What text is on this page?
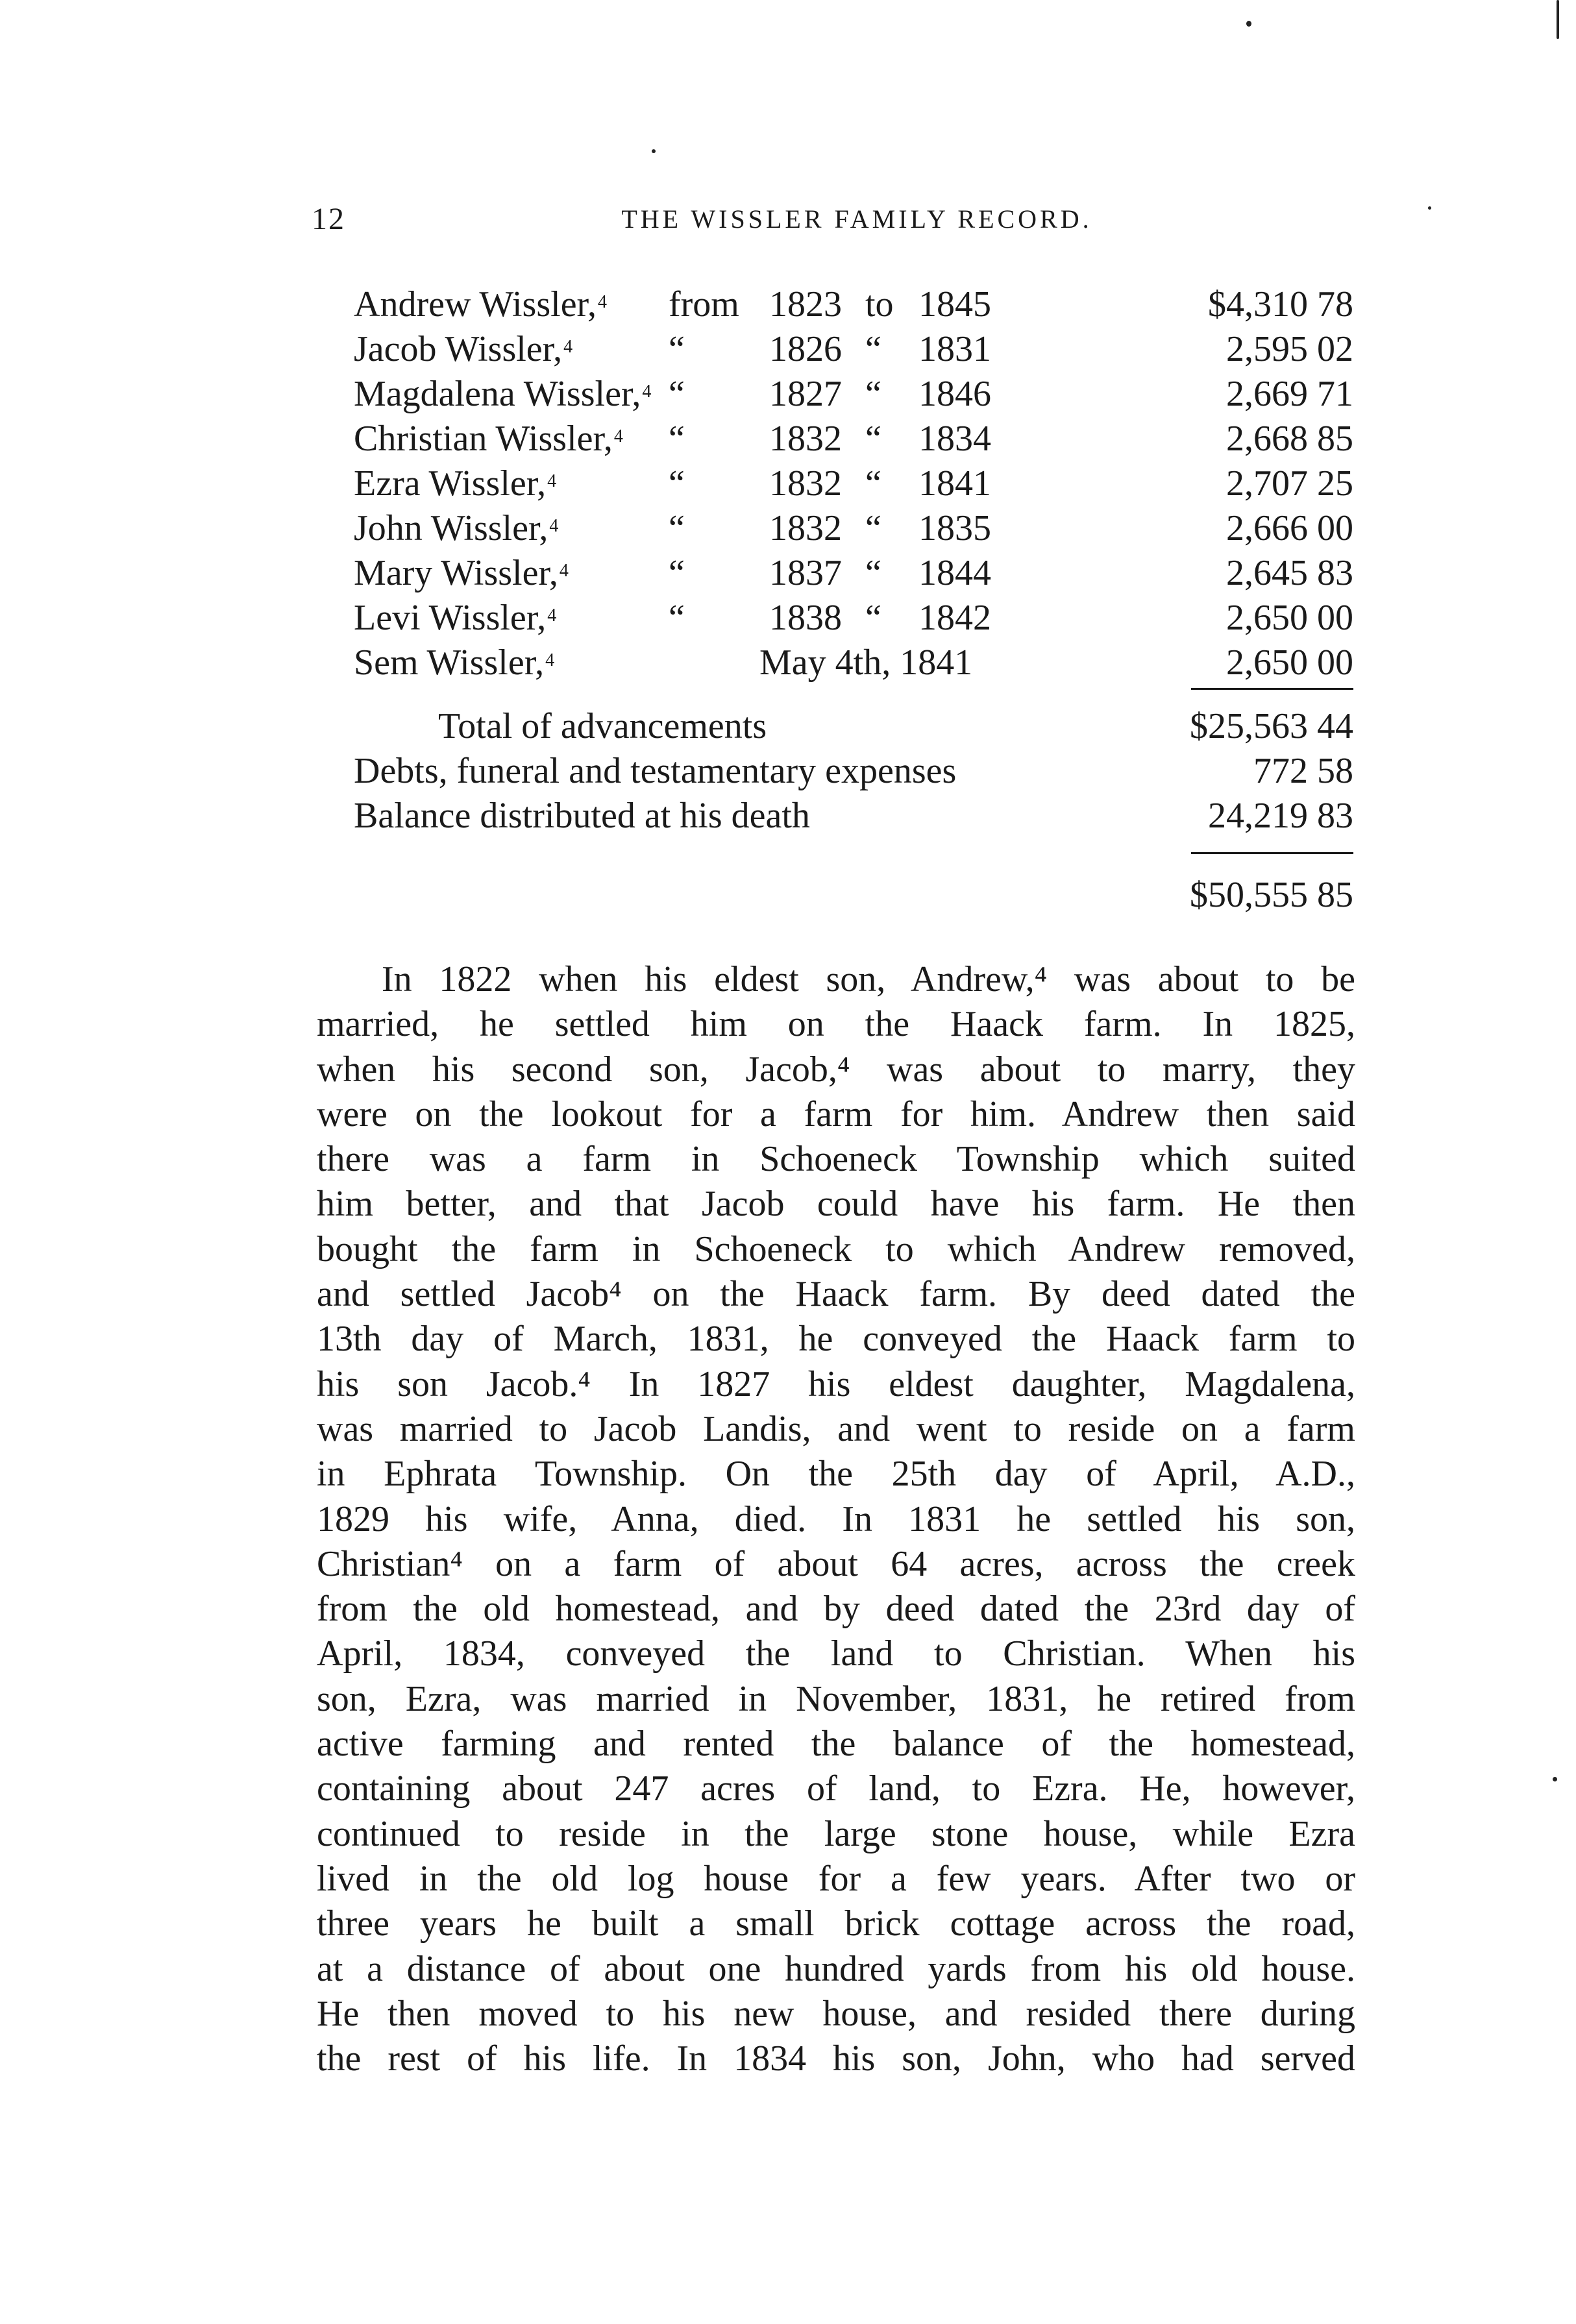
12	THE WISSLER FAMILY RECORD.
Andrew Wissler,$^4$ from 1823 to 1845	$4,310 78
Jacob Wissler,$^4$	“ 1826 “ 1831	2,595 02
Magdalena Wissler,$^4$ “ 1827 “ 1846	2,669 71
Christian Wissler,$^4$ “ 1832 “ 1834	2,668 85
Ezra Wissler,$^4$	“ 1832 “ 1841	2,707 25
John Wissler,$^4$	“ 1832 “ 1835	2,666 00
Mary Wissler,$^4$	“ 1837 “ 1844	2,645 83
Levi Wissler,$^4$	“ 1838 “ 1842	2,650 00
Sem Wissler,$^4$	May 4th, 1841	2,650 00
Total of advancements	$25,563 44
Debts, funeral and testamentary expenses	772 58
Balance distributed at his death	24,219 83
$50,555 85
In 1822 when his eldest son, Andrew,⁴ was about to be
married, he settled him on the Haack farm. In 1825,
when his second son, Jacob,⁴ was about to marry, they
were on the lookout for a farm for him. Andrew then said
there was a farm in Schoeneck Township which suited
him better, and that Jacob could have his farm. He then
bought the farm in Schoeneck to which Andrew removed,
and settled Jacob⁴ on the Haack farm. By deed dated the
13th day of March, 1831, he conveyed the Haack farm to
his son Jacob.⁴ In 1827 his eldest daughter, Magdalena,
was married to Jacob Landis, and went to reside on a farm
in Ephrata Township. On the 25th day of April, A.D.,
1829 his wife, Anna, died. In 1831 he settled his son,
Christian⁴ on a farm of about 64 acres, across the creek
from the old homestead, and by deed dated the 23rd day of
April, 1834, conveyed the land to Christian. When his
son, Ezra, was married in November, 1831, he retired from
active farming and rented the balance of the homestead,
containing about 247 acres of land, to Ezra. He, however,
continued to reside in the large stone house, while Ezra
lived in the old log house for a few years. After two or
three years he built a small brick cottage across the road,
at a distance of about one hundred yards from his old house.
He then moved to his new house, and resided there during
the rest of his life. In 1834 his son, John, who had served
